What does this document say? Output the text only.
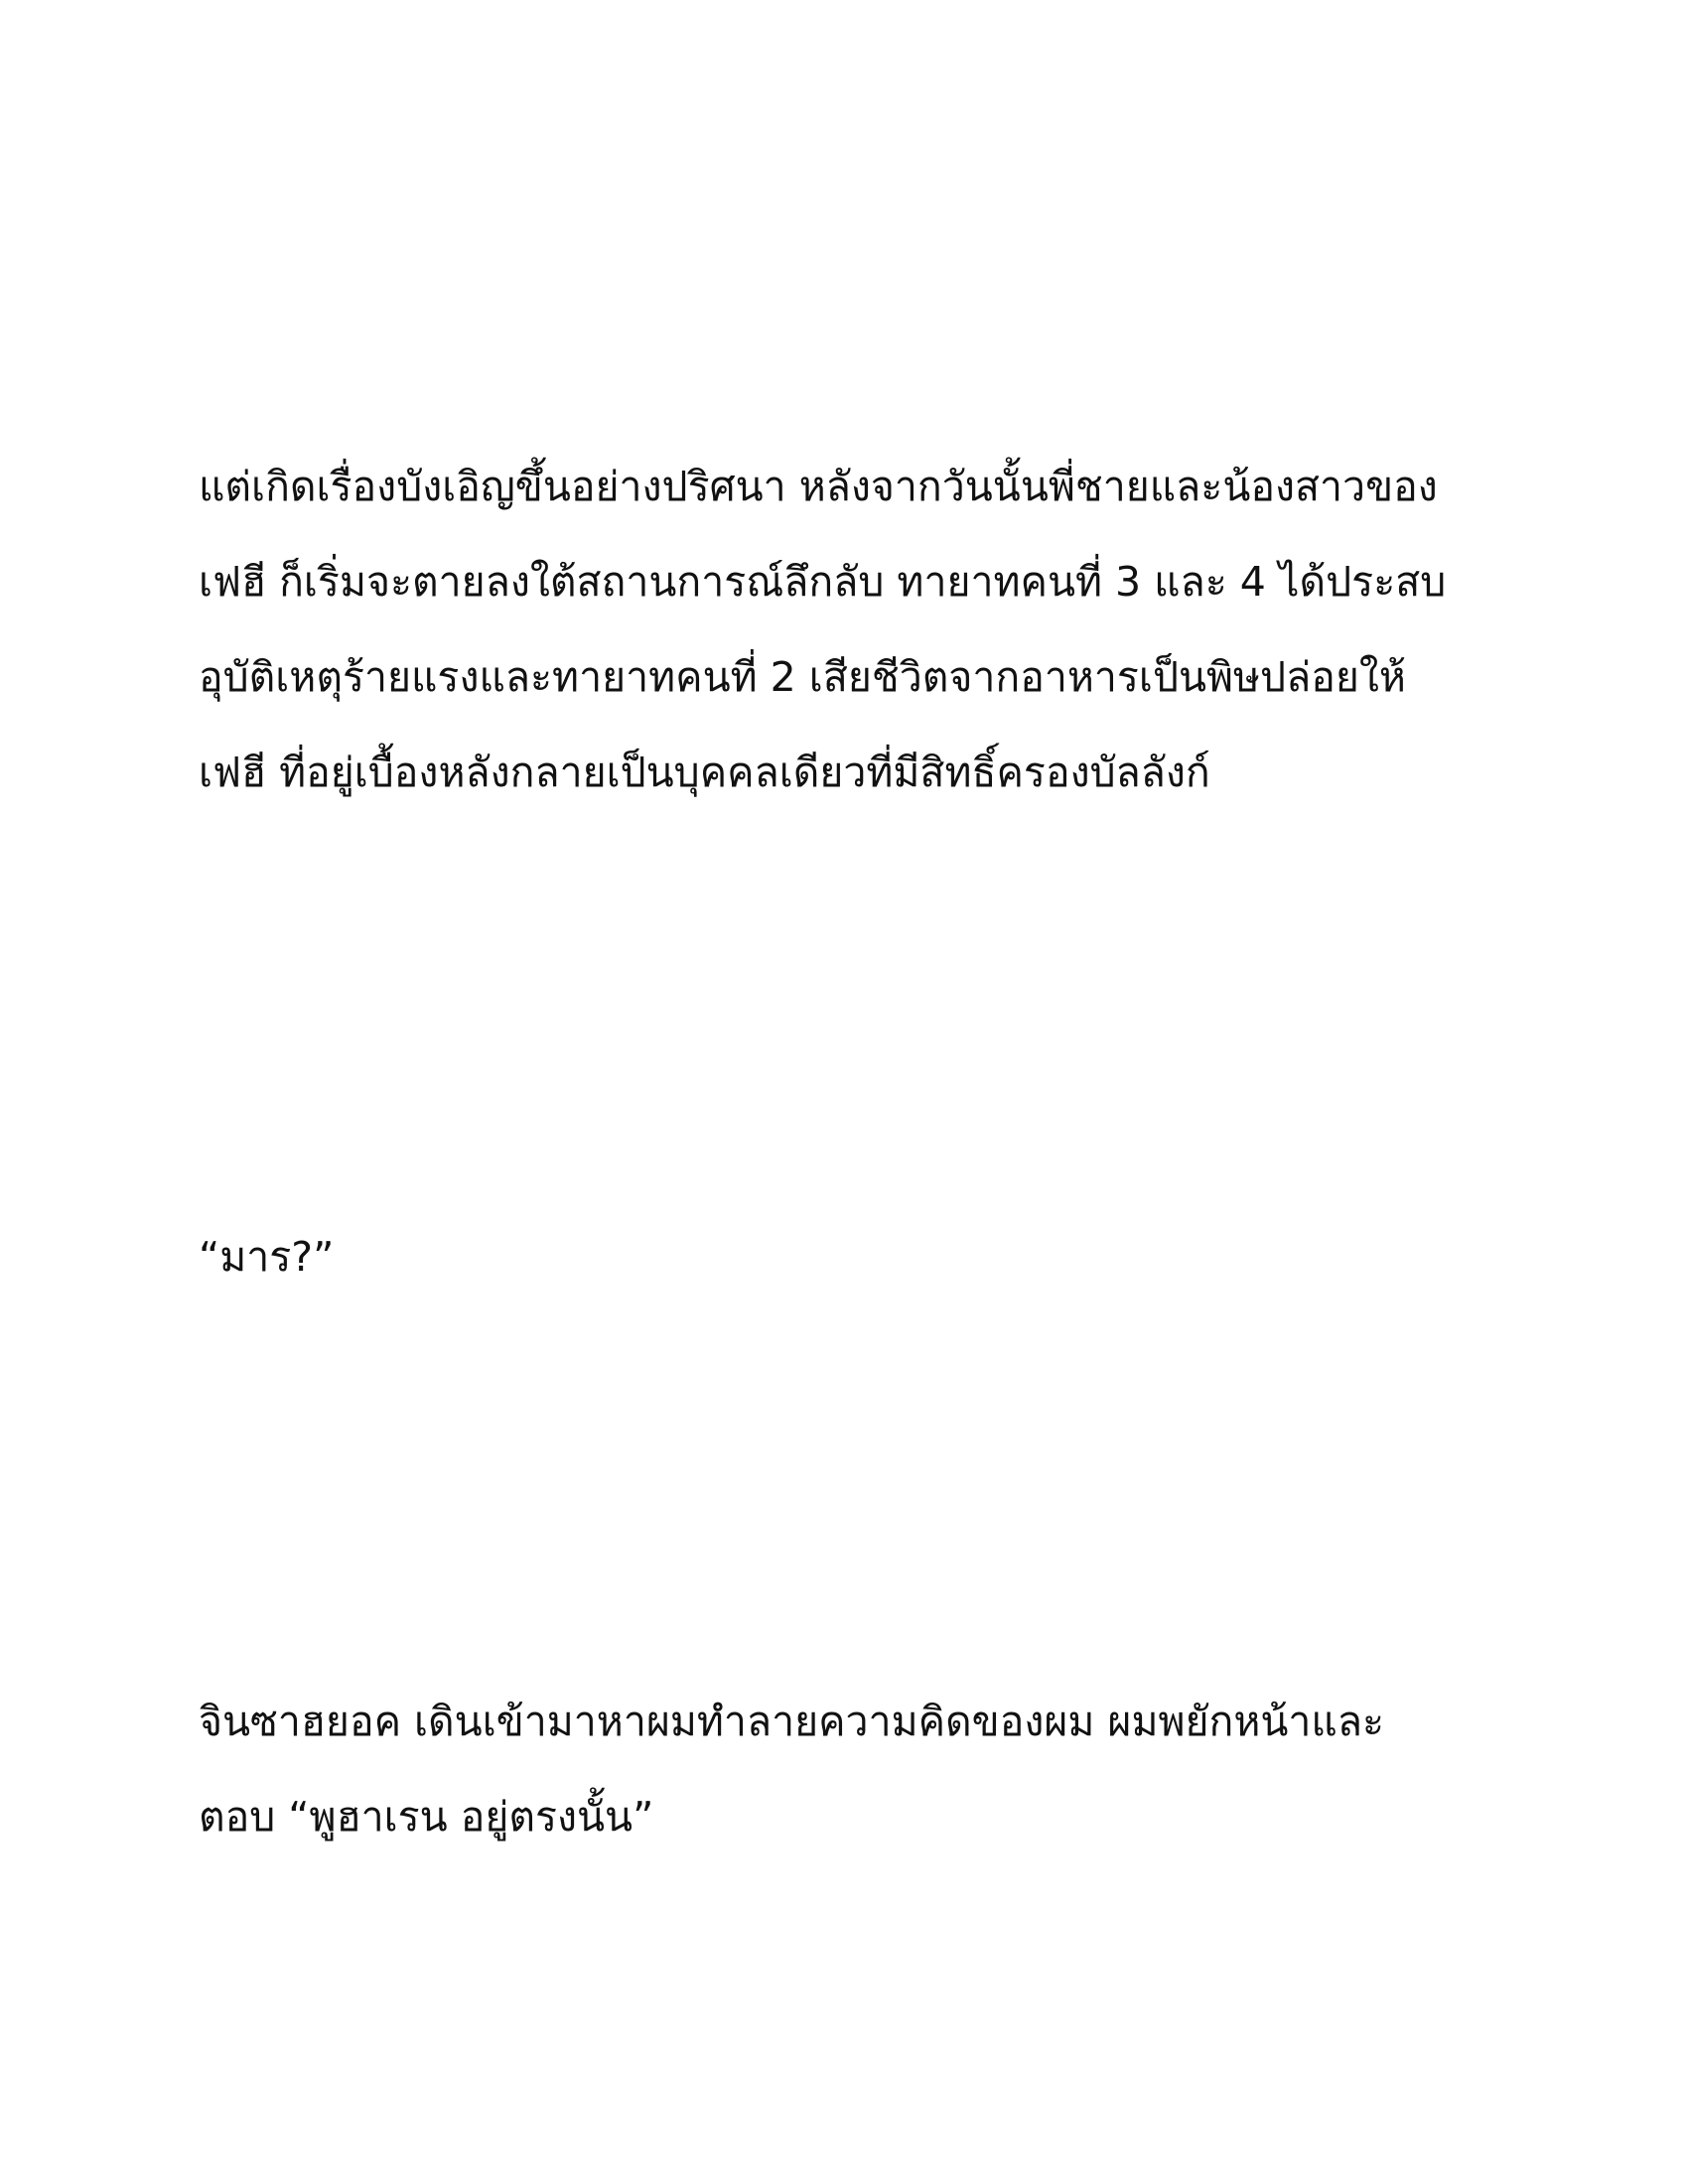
แต่เกิดเรื่องบังเอิญขึ้นอย่างปริศนา หลังจากวันนั้นพี่ชายและน้องสาวของ
เฟฮี ก็เริ่มจะตายลงใต้สถานการณ์ลึกลับ ทายาทคนที่ 3 และ 4 ได้ประสบ
อุบัติเหตุร้ายแรงและทายาทคนที่ 2 เสียชีวิตจากอาหารเป็นพิษปล่อยให้
เฟฮี ที่อยู่เบื้องหลังกลายเป็นบุคคลเดียวที่มีสิทธิ์ครองบัลลังก์

“มาร?”

จินซาฮยอค เดินเข้ามาหาผมทำลายความคิดของผม ผมพยักหน้าและ
ตอบ “พูฮาเรน อยู่ตรงนั้น”
